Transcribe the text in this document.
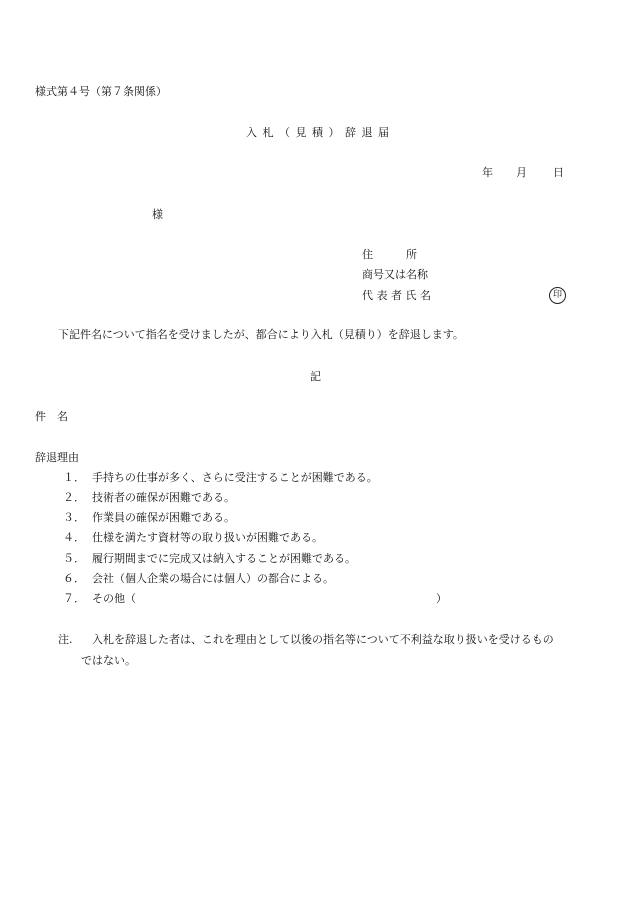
様式第４号（第７条関係）
入 札 （ 見 積 ） 辞 退 届
年 月 日
様
住　　　所
商号又は名称
代 表 者 氏 名	印
下記件名について指名を受けましたが、都合により入札（見積り）を辞退します。
記
件　名
辞退理由
１． 手持ちの仕事が多く、さらに受注することが困難である。
２． 技術者の確保が困難である。
３． 作業員の確保が困難である。
４． 仕様を満たす資材等の取り扱いが困難である。
５． 履行期間までに完成又は納入することが困難である。
６． 会社（個人企業の場合には個人）の都合による。
７． その他（	）
注. 入札を辞退した者は、これを理由として以後の指名等について不利益な取り扱いを受けるもの
ではない。
